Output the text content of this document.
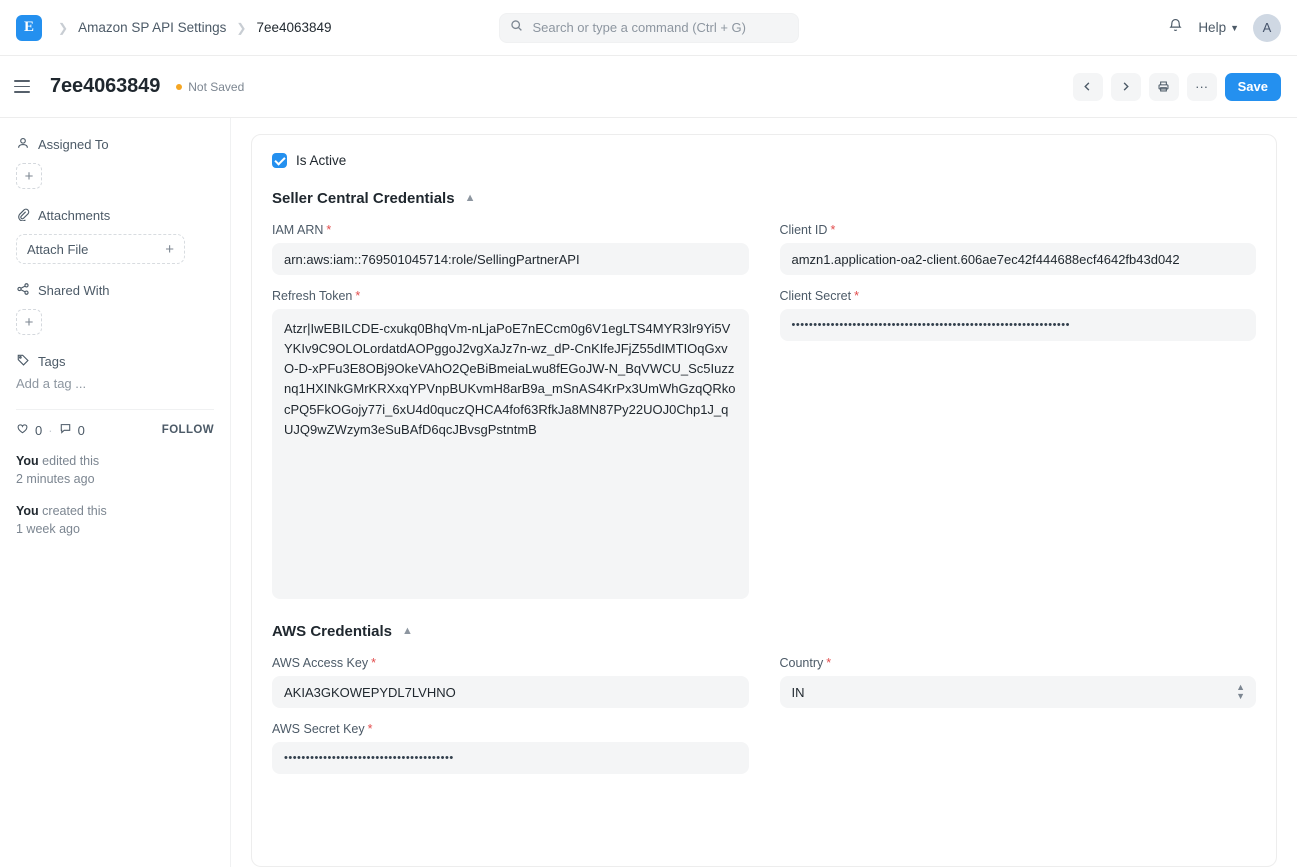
E	❯ Amazon SP API Settings ❯ 7ee4063849
Search or type a command (Ctrl + G)	Help ▼	A
7ee4063849 Not Saved	···	Save
Assigned To
+
Attachments
Attach File	+
Shared With
+
Tags
Add a tag ...
0 · 0	FOLLOW
You edited this
2 minutes ago
You created this
1 week ago
Is Active
Seller Central Credentials ▲
IAM ARN *
arn:aws:iam::769501045714:role/SellingPartnerAPI
Client ID *
amzn1.application-oa2-client.606ae7ec42f444688ecf4642fb43d042
Refresh Token *
Atzr|IwEBILCDE-cxukq0BhqVm-nLjaPoE7nECcm0g6V1egLTS4MYR3lr9Yi5VYKIv9C9OLOLordatdAOPggoJ2vgXaJz7n-wz_dP-CnKIfeJFjZ55dIMTIOqGxvO-D-xPFu3E8OBj9OkeVAhO2QeBiBmeiaLwu8fEGoJW-N_BqVWCU_Sc5Iuzznq1HXINkGMrKRXxqYPVnpBUKvmH8arB9a_mSnAS4KrPx3UmWhGzqQRkocPQ5FkOGojy77i_6xU4d0quczQHCA4fof63RfkJa8MN87Py22UOJ0Chp1J_qUJQ9wZWzym3eSuBAfD6qcJBvsgPstntmB	Client Secret *
••••••••••••••••••••••••••••••••••••••••••••••••••••••••••••••••
AWS Credentials ▲
AWS Access Key *
AKIA3GKOWEPYDL7LVHNO
Country *
IN	▲
▼
AWS Secret Key *
•••••••••••••••••••••••••••••••••••••••
